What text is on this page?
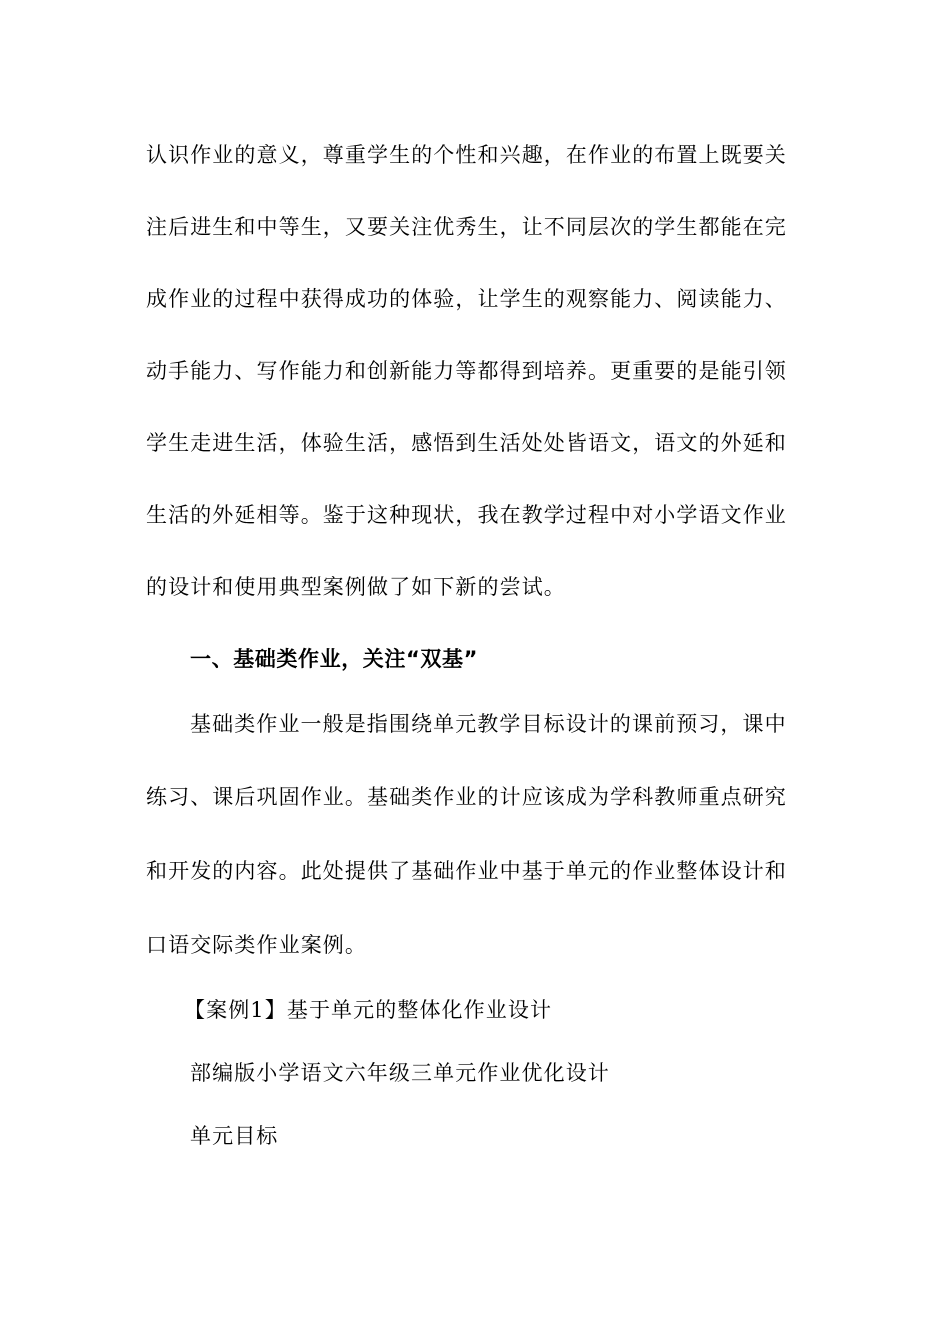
认识作业的意义，尊重学生的个性和兴趣，在作业的布置上既要关
注后进生和中等生，又要关注优秀生，让不同层次的学生都能在完
成作业的过程中获得成功的体验，让学生的观察能力、阅读能力、
动手能力、写作能力和创新能力等都得到培养。更重要的是能引领
学生走进生活，体验生活，感悟到生活处处皆语文，语文的外延和
生活的外延相等。鉴于这种现状，我在教学过程中对小学语文作业
的设计和使用典型案例做了如下新的尝试。
一、基础类作业，关注“双基”
基础类作业一般是指围绕单元教学目标设计的课前预习，课中
练习、课后巩固作业。基础类作业的计应该成为学科教师重点研究
和开发的内容。此处提供了基础作业中基于单元的作业整体设计和
口语交际类作业案例。
【案例1】基于单元的整体化作业设计
部编版小学语文六年级三单元作业优化设计
单元目标
